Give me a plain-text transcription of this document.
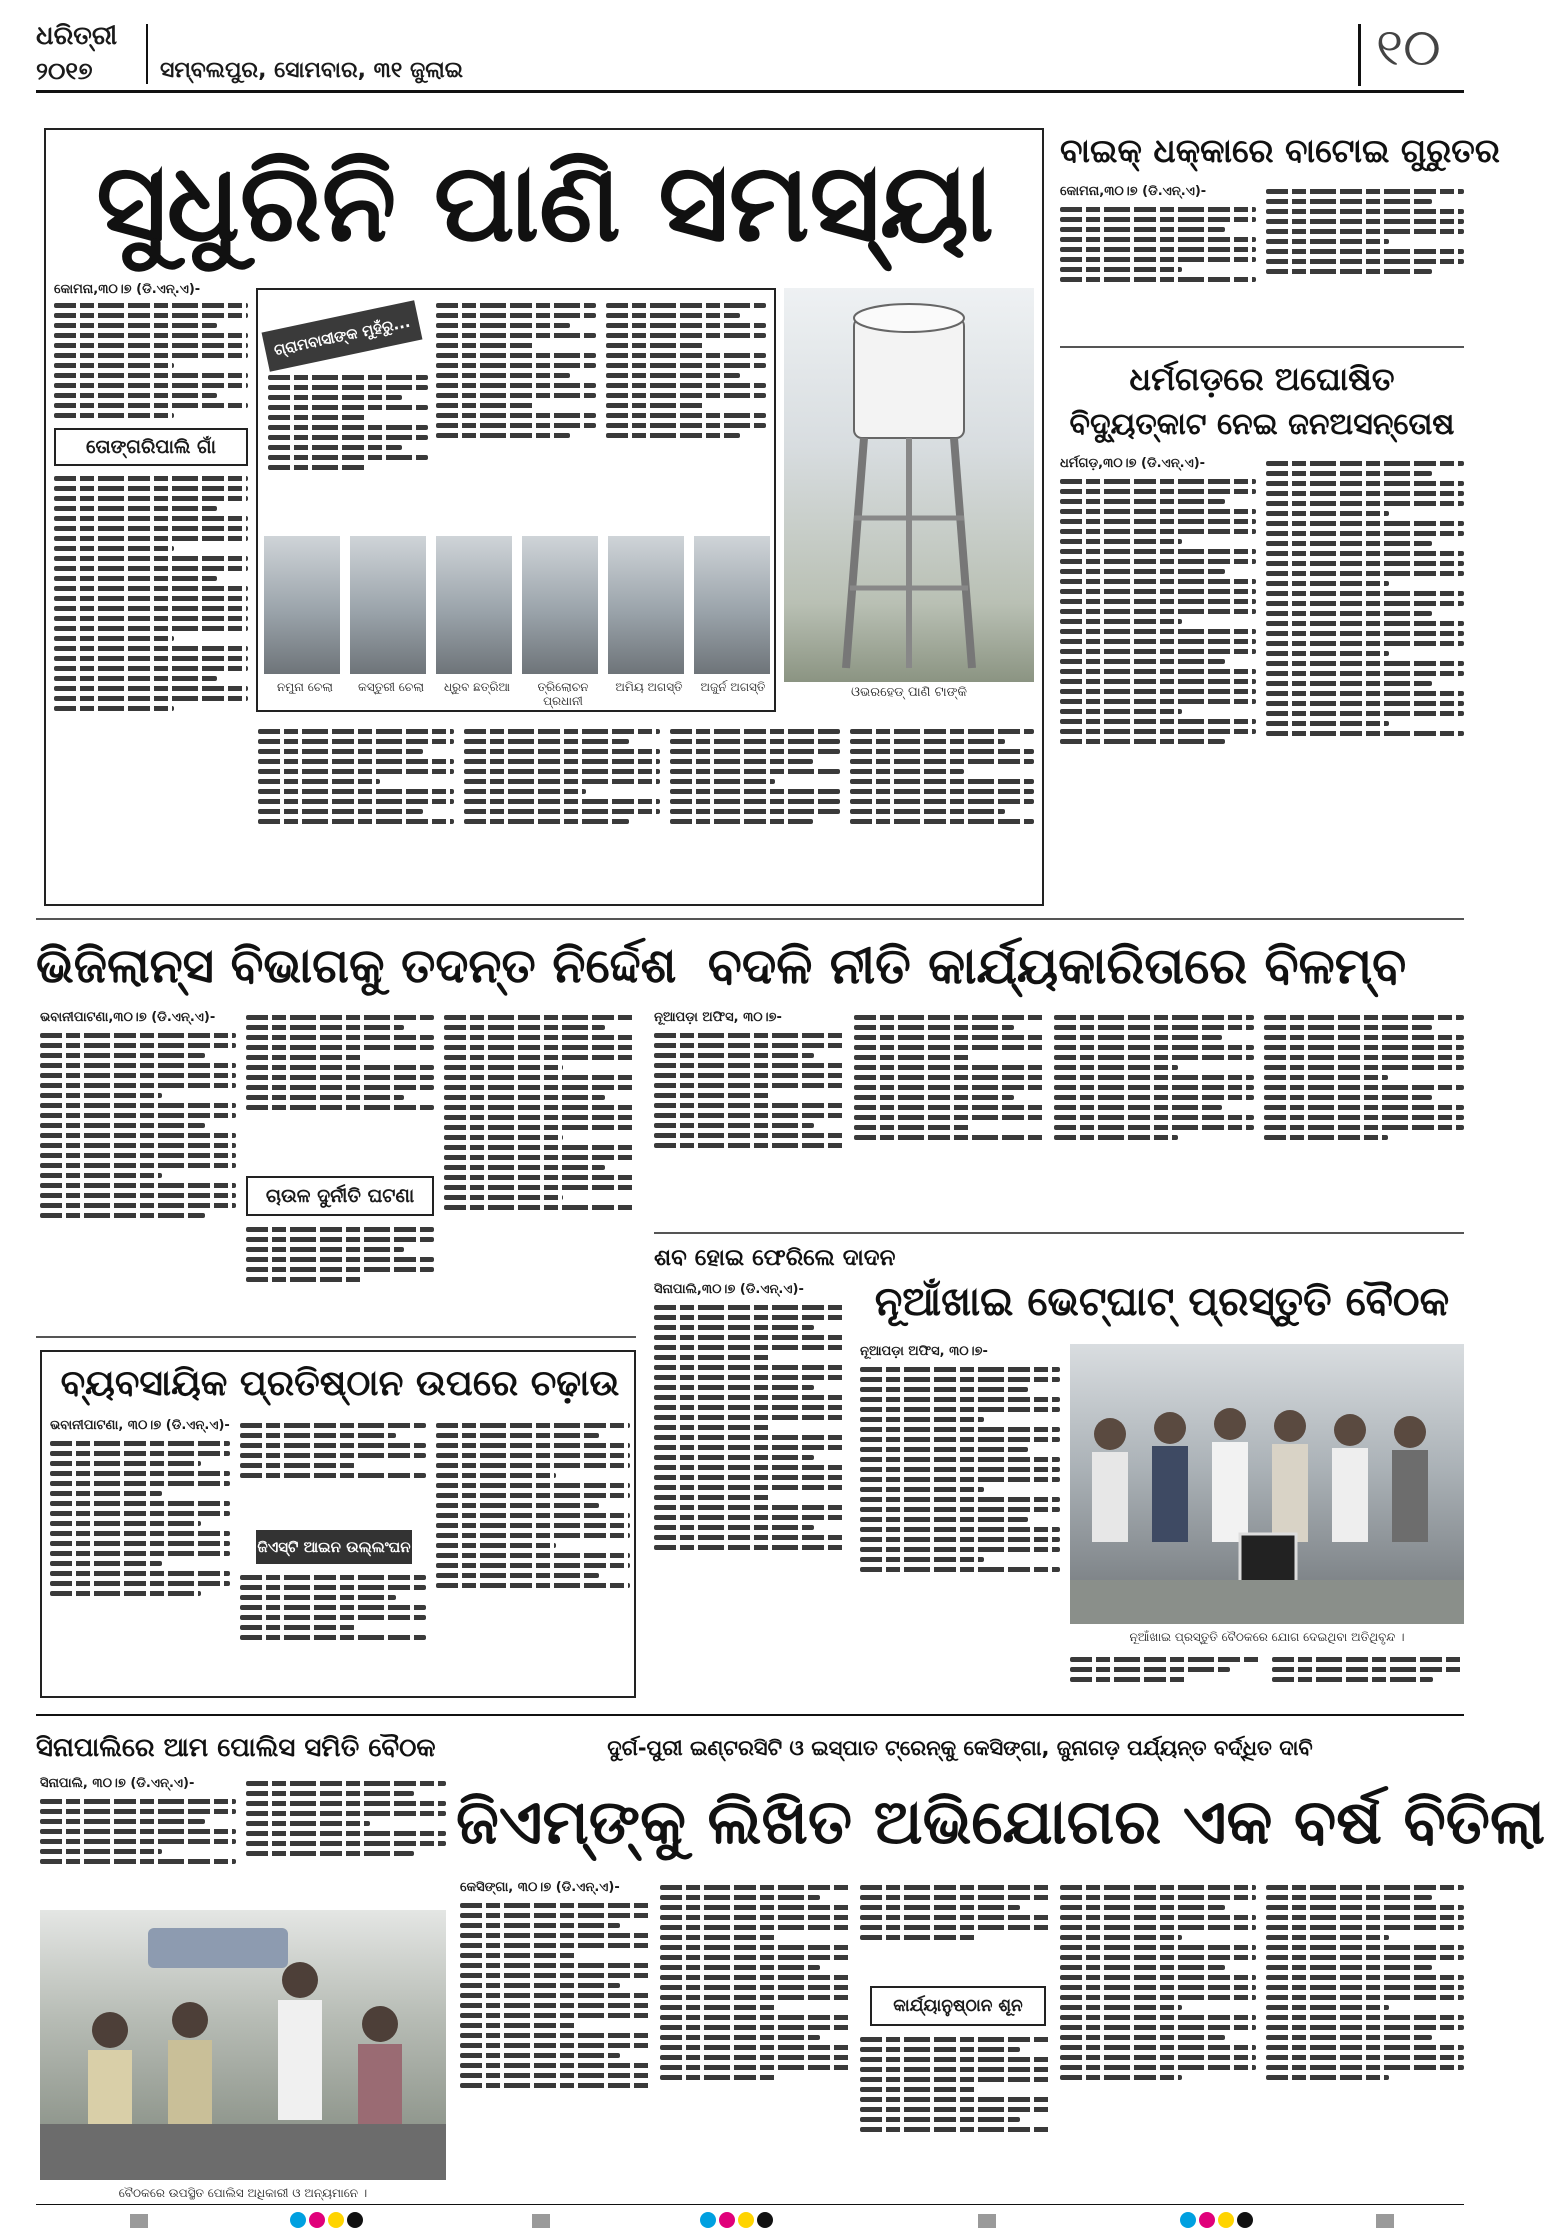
ଧରିତ୍ରୀ
୨୦୧୭	ସମ୍ବଲପୁର, ସୋମବାର, ୩୧ ଜୁଲାଇ	୧୦
ସୁଧୁରିନି ପାଣି ସମସ୍ୟା
କୋମନା,୩୦।୭ (ଡି.ଏନ୍.ଏ)-
ତୋଙ୍ଗରିପାଲି ଗାଁ
ଗ୍ରାମବାସୀଙ୍କ ମୁହଁରୁ...
ନମୁନା ଚେଲା	କସ୍ତୁରୀ ଚେଲା	ଧ୍ରୁବ ଛତ୍ରିଆ	ତ୍ରିଲୋଚନ ପ୍ରଧାନୀ
ଅମିୟ ଅଗସ୍ତି	ଅଜୁର୍ନ ଅଗସ୍ତି	ଓଭରହେଡ୍ ପାଣି ଟାଙ୍କି
ବାଇକ୍ ଧକ୍କାରେ ବାଟୋଇ ଗୁରୁତର
କୋମନା,୩୦।୭ (ଡି.ଏନ୍.ଏ)-
ଧର୍ମଗଡ଼ରେ ଅଘୋଷିତ
ବିଦ୍ୟୁତ୍‌କାଟ ନେଇ ଜନଅସନ୍ତୋଷ
ଧର୍ମଗଡ଼,୩୦।୭ (ଡି.ଏନ୍.ଏ)-
ଭିଜିଲାନ୍ସ ବିଭାଗକୁ ତଦନ୍ତ ନିର୍ଦ୍ଦେଶ
ଭବାନୀପାଟଣା,୩୦।୭ (ଡି.ଏନ୍.ଏ)-
ଚାଉଳ ଦୁର୍ନୀତି ଘଟଣା
ବଦଳି ନୀତି କାର୍ଯ୍ୟକାରିତାରେ ବିଳମ୍ବ
ନୂଆପଡ଼ା ଅଫିସ, ୩୦।୭-
ବ୍ୟବସାୟିକ ପ୍ରତିଷ୍ଠାନ ଉପରେ ଚଢ଼ାଉ
ଭବାନୀପାଟଣା, ୩୦।୭ (ଡି.ଏନ୍.ଏ)-
ଜିଏସ୍‌ଟି ଆଇନ ଉଲ୍ଲଂଘନ
ଶବ ହୋଇ ଫେରିଲେ ଦାଦନ
ସିନାପାଲି,୩୦।୭ (ଡି.ଏନ୍.ଏ)-	ନୂଆଁଖାଇ ଭେଟ୍‌ଘାଟ୍ ପ୍ରସ୍ତୁତି ବୈଠକ
ନୂଆପଡ଼ା ଅଫିସ, ୩୦।୭-
ନୂଆଁଖାଇ ପ୍ରସ୍ତୁତି ବୈଠକରେ ଯୋଗ ଦେଇଥିବା ଅତିଥିବୃନ୍ଦ ।
ସିନାପାଲିରେ ଆମ ପୋଲିସ ସମିତି ବୈଠକ
ସିନାପାଲି, ୩୦।୭ (ଡି.ଏନ୍.ଏ)-
ବୈଠକରେ ଉପସ୍ଥିତ ପୋଲିସ ଅଧିକାରୀ ଓ ଅନ୍ୟମାନେ ।
ଦୁର୍ଗ-ପୁରୀ ଇଣ୍ଟରସିଟି ଓ ଇସ୍ପାତ ଟ୍ରେନ୍‌କୁ କେସିଙ୍ଗା, ଜୁନାଗଡ଼ ପର୍ଯ୍ୟନ୍ତ ବର୍ଦ୍ଧିତ ଦାବି
ଜିଏମ୍‌ଙ୍କୁ ଲିଖିତ ଅଭିଯୋଗର ଏକ ବର୍ଷ ବିତିଲା
କେସିଙ୍ଗା, ୩୦।୭ (ଡି.ଏନ୍.ଏ)-
କାର୍ଯ୍ୟାନୁଷ୍ଠାନ ଶୂନ
